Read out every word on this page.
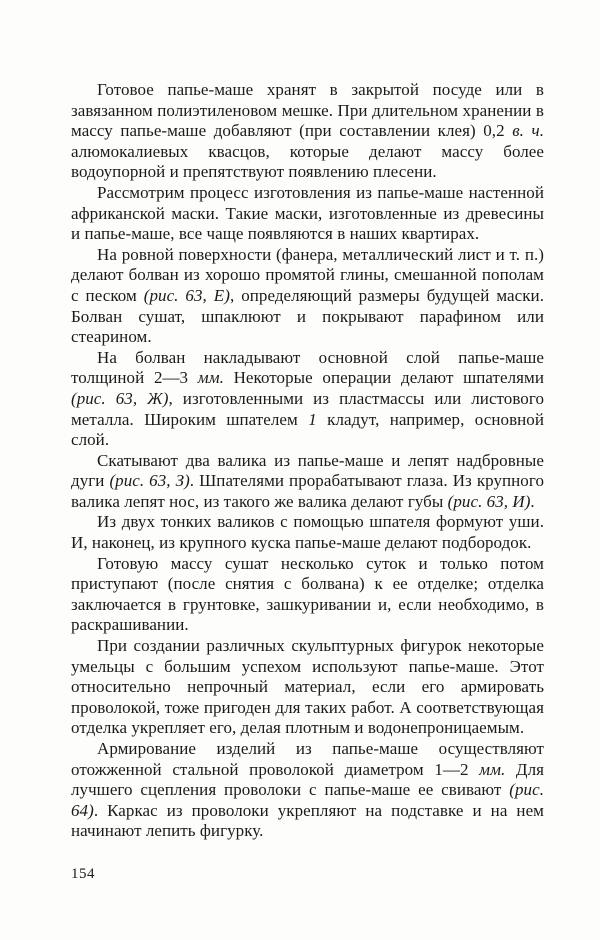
Готовое папье-маше хранят в закрытой посуде или в завязанном полиэтиленовом мешке. При длительном хранении в массу папье-маше добавляют (при составлении клея) 0,2 в. ч. алюмокалиевых квасцов, которые делают массу более водоупорной и препятствуют появлению плесени.

Рассмотрим процесс изготовления из папье-маше настенной африканской маски. Такие маски, изготовленные из древесины и папье-маше, все чаще появляются в наших квартирах.

На ровной поверхности (фанера, металлический лист и т. п.) делают болван из хорошо промятой глины, смешанной пополам с песком (рис. 63, Е), определяющий размеры будущей маски. Болван сушат, шпаклюют и покрывают парафином или стеарином.

На болван накладывают основной слой папье-маше толщиной 2—3 мм. Некоторые операции делают шпателями (рис. 63, Ж), изготовленными из пластмассы или листового металла. Широким шпателем 1 кладут, например, основной слой.

Скатывают два валика из папье-маше и лепят надбровные дуги (рис. 63, З). Шпателями прорабатывают глаза. Из крупного валика лепят нос, из такого же валика делают губы (рис. 63, И).

Из двух тонких валиков с помощью шпателя формуют уши. И, наконец, из крупного куска папье-маше делают подбородок.

Готовую массу сушат несколько суток и только потом приступают (после снятия с болвана) к ее отделке; отделка заключается в грунтовке, зашкуривании и, если необходимо, в раскрашивании.

При создании различных скульптурных фигурок некоторые умельцы с большим успехом используют папье-маше. Этот относительно непрочный материал, если его армировать проволокой, тоже пригоден для таких работ. А соответствующая отделка укрепляет его, делая плотным и водонепроницаемым.

Армирование изделий из папье-маше осуществляют отожженной стальной проволокой диаметром 1—2 мм. Для лучшего сцепления проволоки с папье-маше ее свивают (рис. 64). Каркас из проволоки укрепляют на подставке и на нем начинают лепить фигурку.

154
